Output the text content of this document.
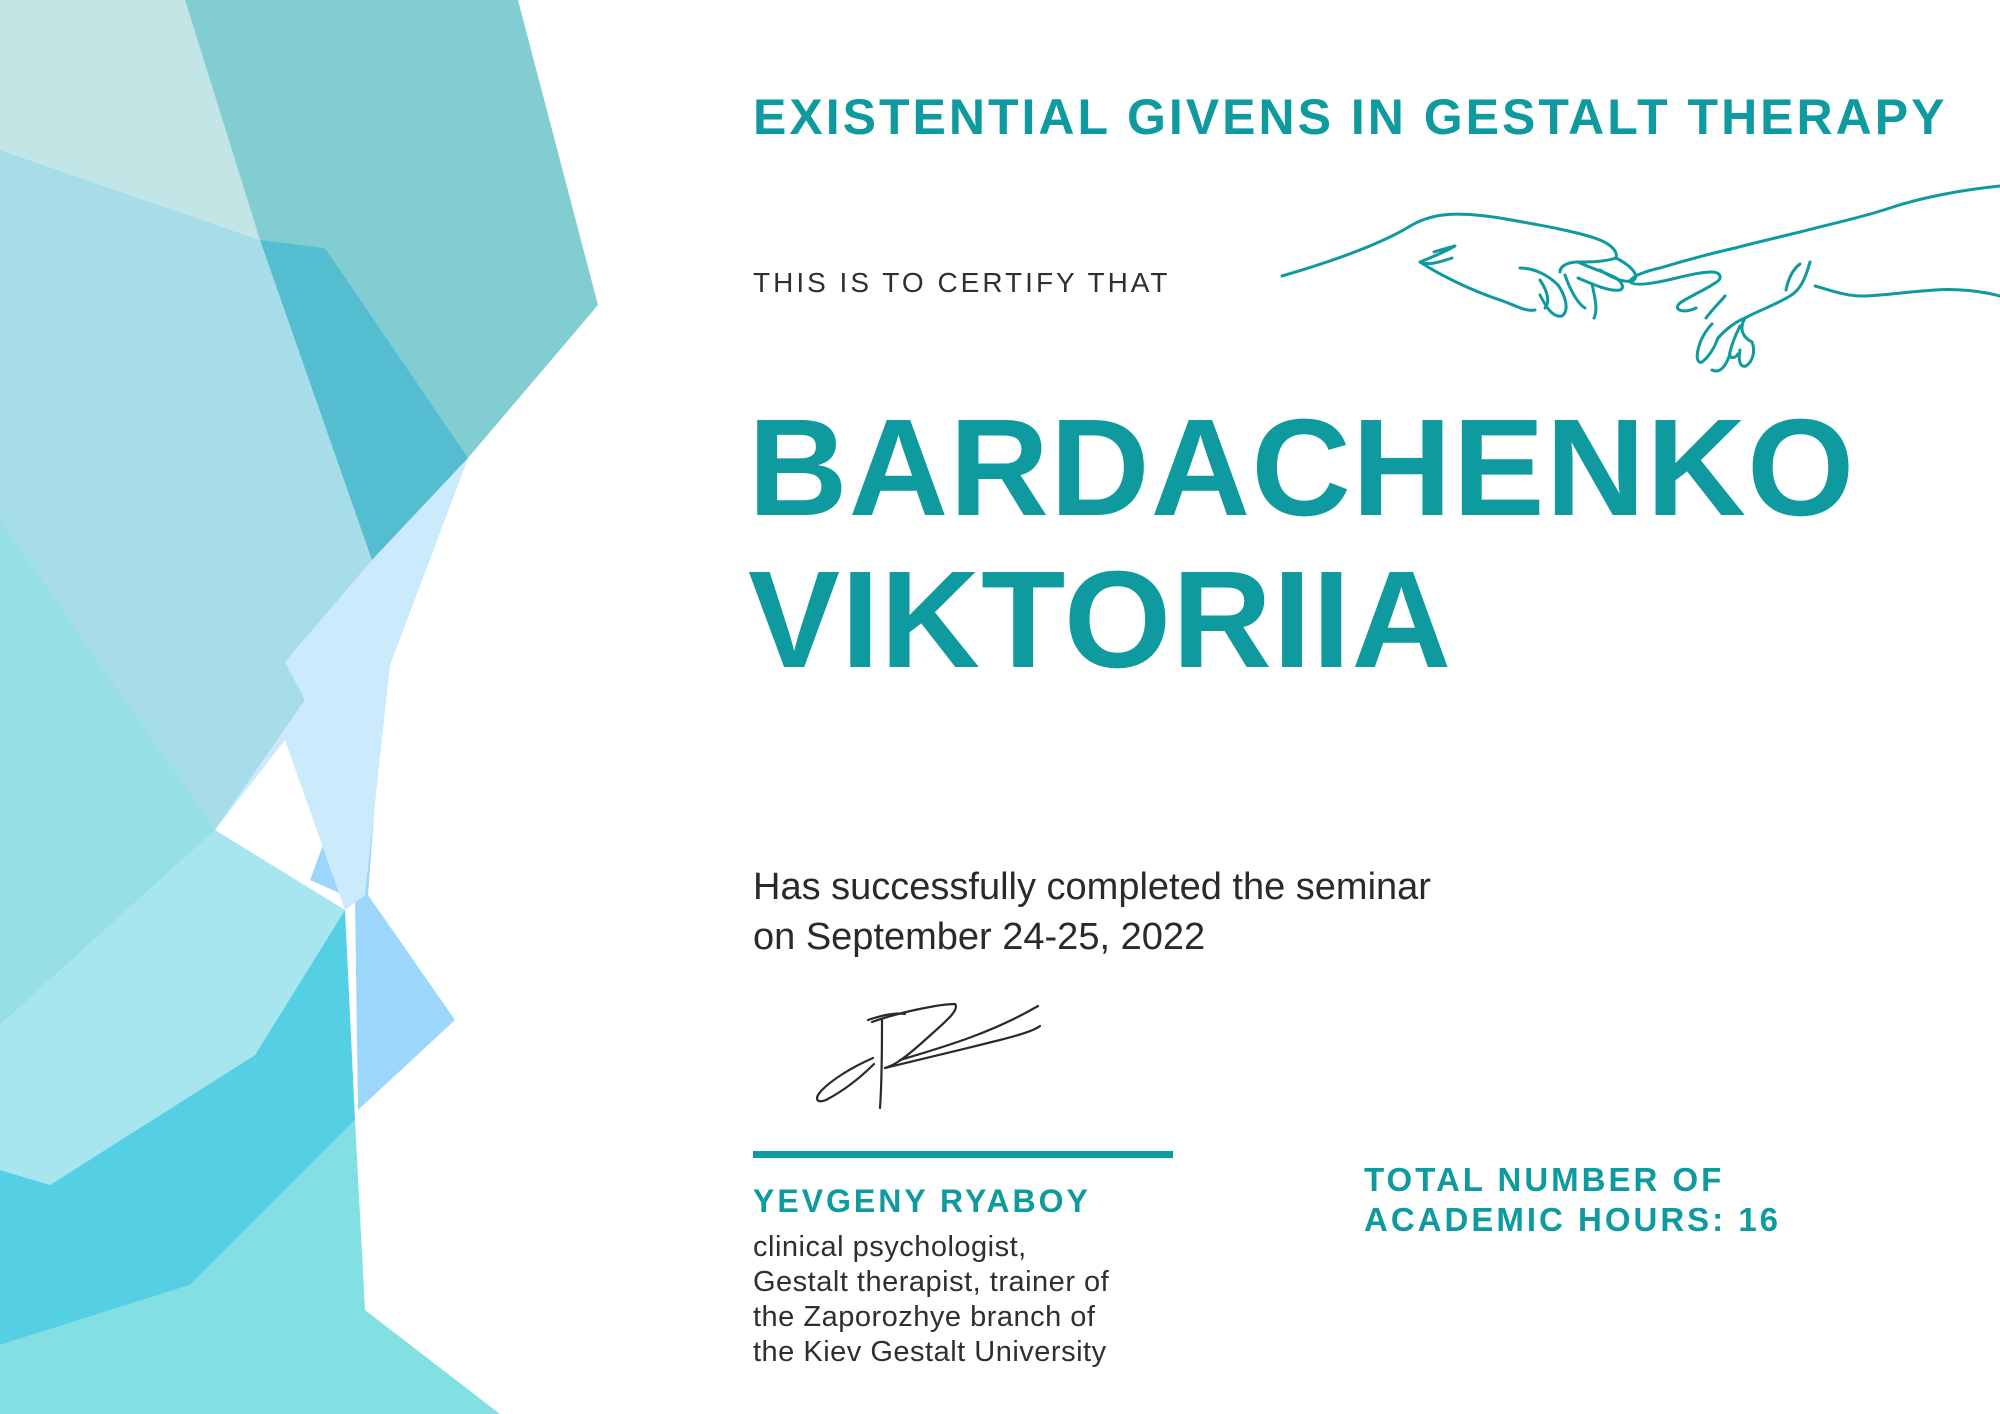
EXISTENTIAL GIVENS IN GESTALT THERAPY
THIS IS TO CERTIFY THAT
BARDACHENKO
VIKTORIIA
Has successfully completed the seminar
on September 24-25, 2022
YEVGENY RYABOY
clinical psychologist,
Gestalt therapist, trainer of
the Zaporozhye branch of
the Kiev Gestalt University
TOTAL NUMBER OF
ACADEMIC HOURS: 16
